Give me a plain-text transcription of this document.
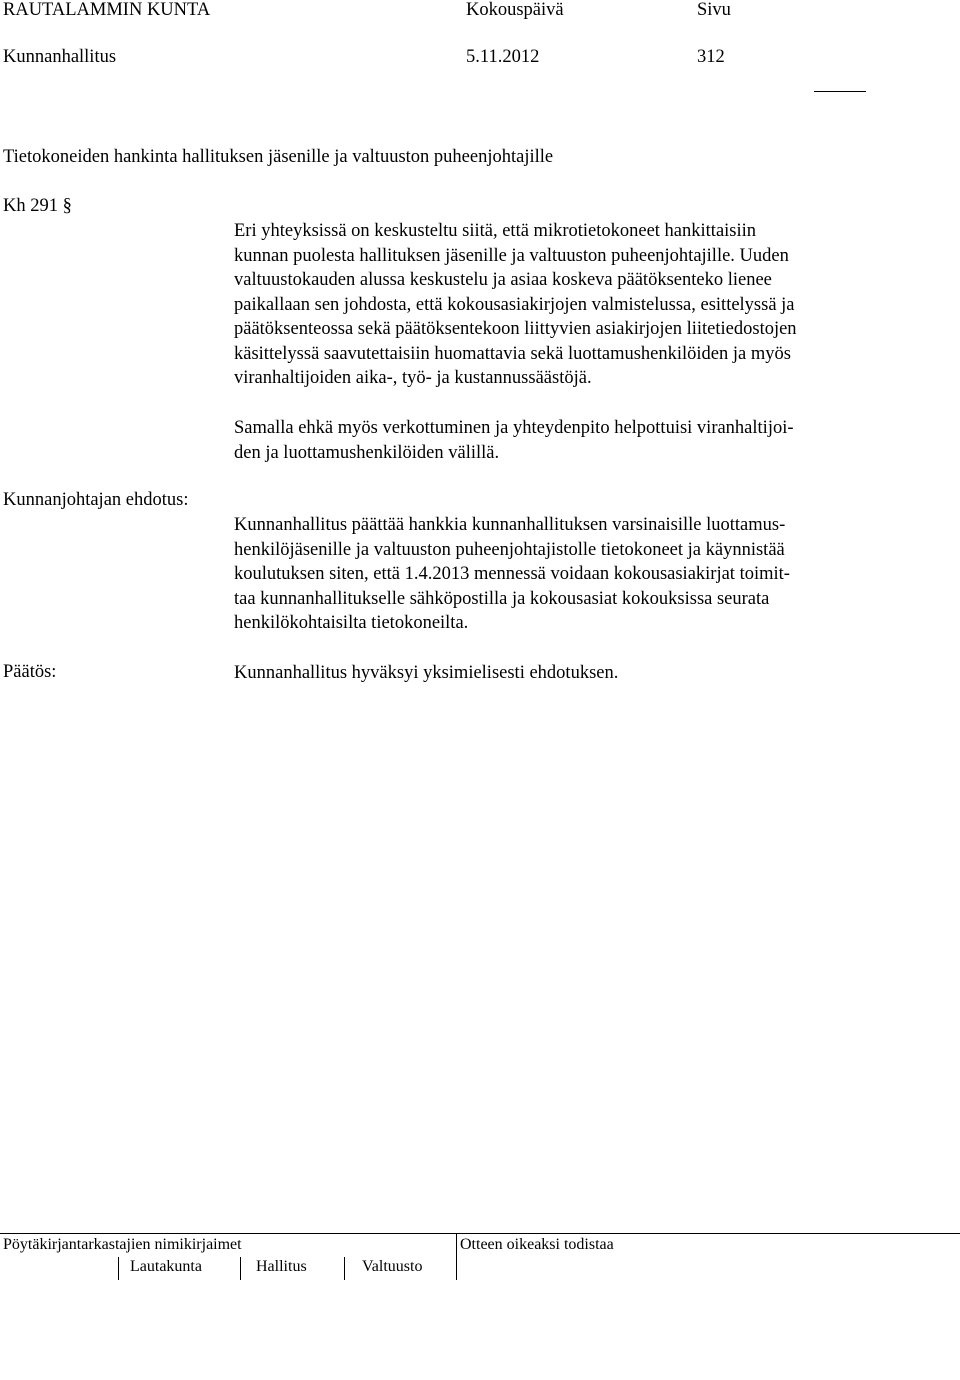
RAUTALAMMIN KUNTA	Kokouspäivä	Sivu
Kunnanhallitus	5.11.2012	312
Tietokoneiden hankinta hallituksen jäsenille ja valtuuston puheenjohtajille
Kh 291 §
Eri yhteyksissä on keskusteltu siitä, että mikrotietokoneet hankittaisiin
kunnan puolesta hallituksen jäsenille ja valtuuston puheenjohtajille. Uuden
valtuustokauden alussa keskustelu ja asiaa koskeva päätöksenteko lienee
paikallaan sen johdosta, että kokousasiakirjojen valmistelussa, esittelyssä ja
päätöksenteossa sekä päätöksentekoon liittyvien asiakirjojen liitetiedostojen
käsittelyssä saavutettaisiin huomattavia sekä luottamushenkilöiden ja myös
viranhaltijoiden aika-, työ- ja kustannussäästöjä.
Samalla ehkä myös verkottuminen ja yhteydenpito helpottuisi viranhaltijoi-
den ja luottamushenkilöiden välillä.
Kunnanjohtajan ehdotus:
Kunnanhallitus päättää hankkia kunnanhallituksen varsinaisille luottamus-
henkilöjäsenille ja valtuuston puheenjohtajistolle tietokoneet ja käynnistää
koulutuksen siten, että 1.4.2013 mennessä voidaan kokousasiakirjat toimit-
taa kunnanhallitukselle sähköpostilla ja kokousasiat kokouksissa seurata
henkilökohtaisilta tietokoneilta.
Päätös:	Kunnanhallitus hyväksyi yksimielisesti ehdotuksen.
Pöytäkirjantarkastajien nimikirjaimet	Otteen oikeaksi todistaa
Lautakunta	Hallitus	Valtuusto
